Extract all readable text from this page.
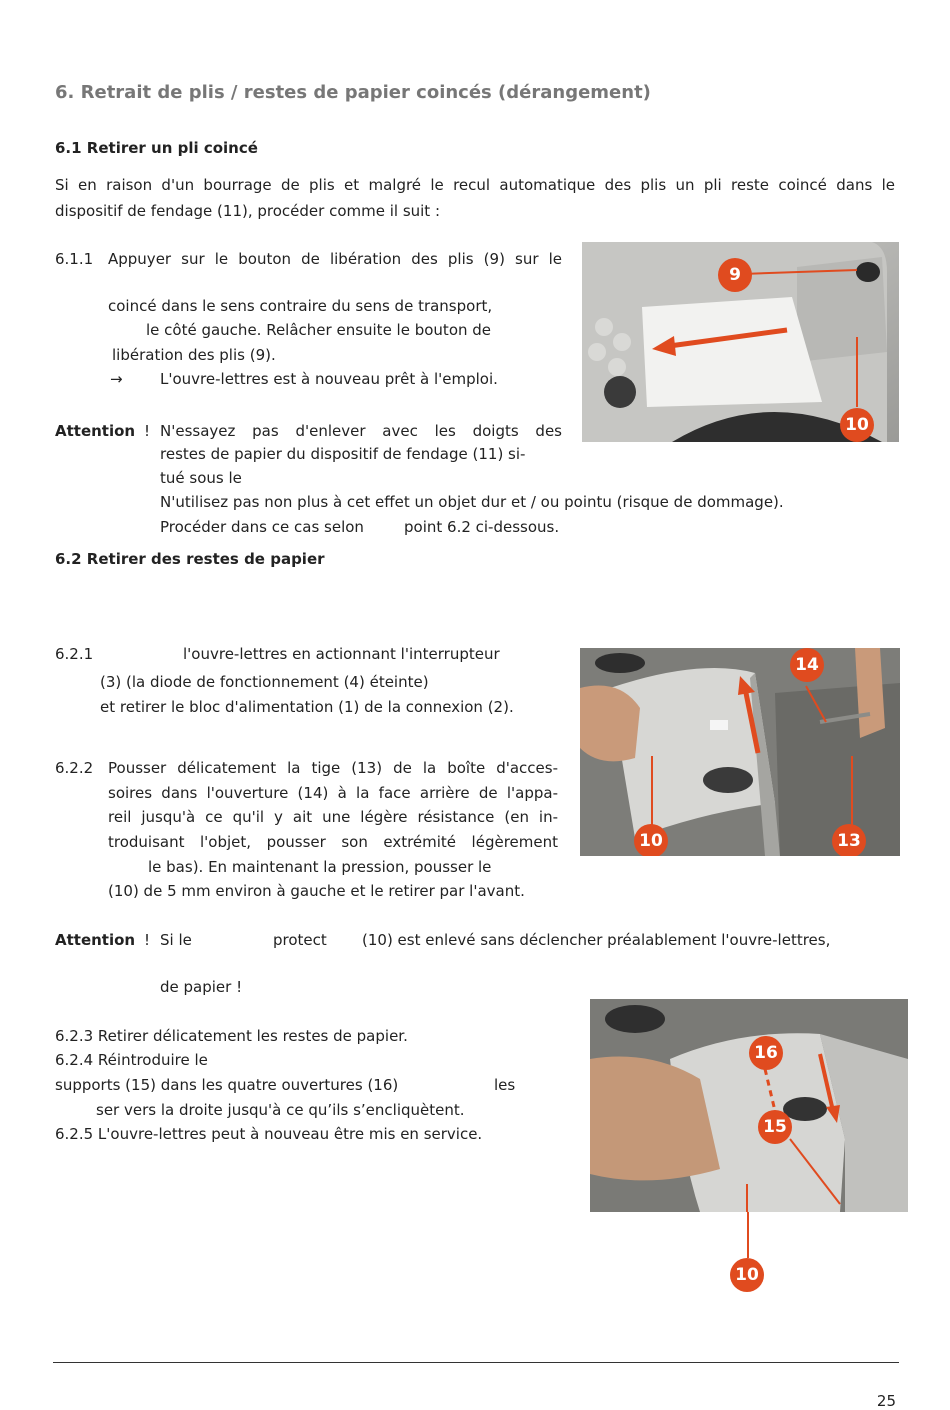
6. Retrait de plis / restes de papier coincés (dérangement)
6.1 Retirer un pli coincé
Si en raison d'un bourrage de plis et malgré le recul automatique des plis un pli reste coincé dans le
dispositif de fendage (11), procéder comme il suit :
6.1.1 Appuyer sur le bouton de libération des plis (9) sur le
coincé dans le sens contraire du sens de transport,
le côté gauche. Relâcher ensuite le bouton de
libération des plis (9).
→ L'ouvre-lettres est à nouveau prêt à l'emploi.
Attention ! N'essayez pas d'enlever avec les doigts des
restes de papier du dispositif de fendage (11) si-
tué sous le
N'utilisez pas non plus à cet effet un objet dur et / ou pointu (risque de dommage).
Procéder dans ce cas selon	point 6.2 ci-dessous.
9
10
6.2 Retirer des restes de papier
6.2.1	l'ouvre-lettres en actionnant l'interrupteur
(3) (la diode de fonctionnement (4) éteinte)
et retirer le bloc d'alimentation (1) de la connexion (2).
6.2.2 Pousser délicatement la tige (13) de la boîte d'acces-
soires dans l'ouverture (14) à la face arrière de l'appa-
reil jusqu'à ce qu'il y ait une légère résistance (en in-
troduisant l'objet, pousser son extrémité légèrement
le bas). En maintenant la pression, pousser le
(10) de 5 mm environ à gauche et le retirer par l'avant.
14
10	13
Attention ! Si le	protect (10) est enlevé sans déclencher préalablement l'ouvre-lettres,
de papier !
6.2.3 Retirer délicatement les restes de papier.
6.2.4 Réintroduire le
supports (15) dans les quatre ouvertures (16)	les
ser vers la droite jusqu'à ce qu’ils s’encliquètent.
6.2.5 L'ouvre-lettres peut à nouveau être mis en service.
16
15
10
25
